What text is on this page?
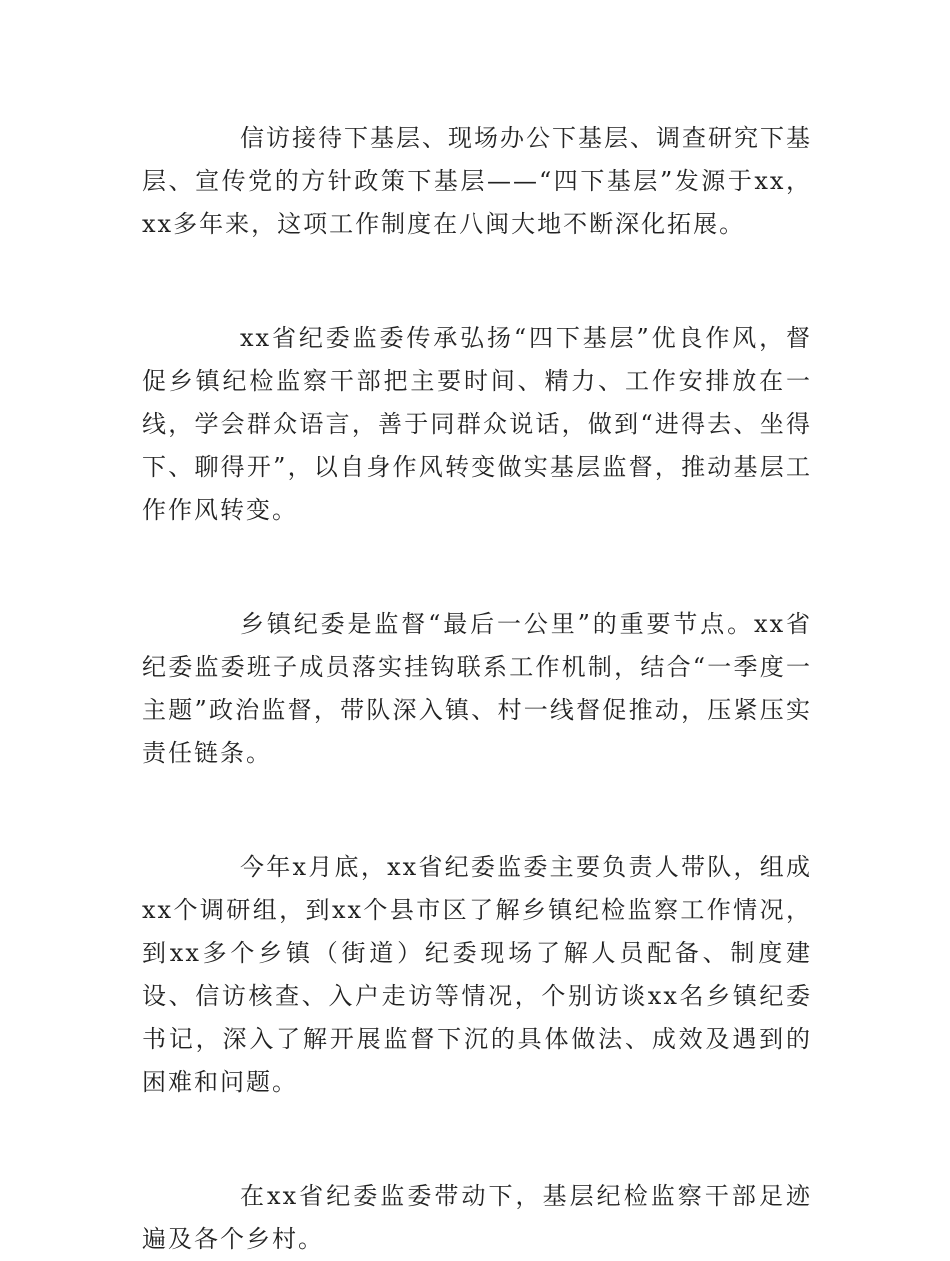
信访接待下基层、现场办公下基层、调查研究下基层、宣传党的方针政策下基层——“四下基层”发源于xx，xx多年来，这项工作制度在八闽大地不断深化拓展。

xx省纪委监委传承弘扬“四下基层”优良作风，督促乡镇纪检监察干部把主要时间、精力、工作安排放在一线，学会群众语言，善于同群众说话，做到“进得去、坐得下、聊得开”，以自身作风转变做实基层监督，推动基层工作作风转变。

乡镇纪委是监督“最后一公里”的重要节点。xx省纪委监委班子成员落实挂钩联系工作机制，结合“一季度一主题”政治监督，带队深入镇、村一线督促推动，压紧压实责任链条。

今年x月底，xx省纪委监委主要负责人带队，组成xx个调研组，到xx个县市区了解乡镇纪检监察工作情况，到xx多个乡镇（街道）纪委现场了解人员配备、制度建设、信访核查、入户走访等情况，个别访谈xx名乡镇纪委书记，深入了解开展监督下沉的具体做法、成效及遇到的困难和问题。

在xx省纪委监委带动下，基层纪检监察干部足迹遍及各个乡村。
